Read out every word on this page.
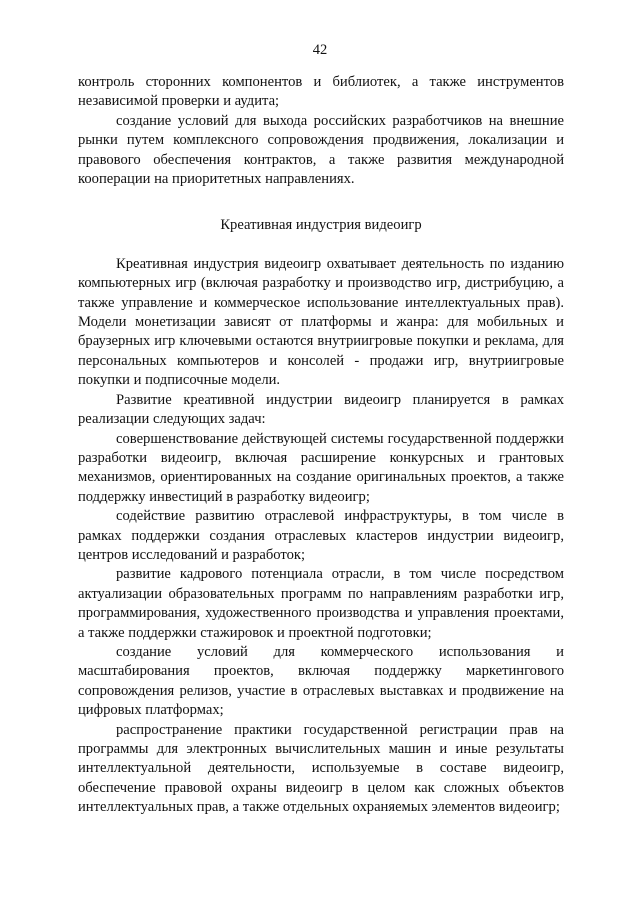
42

контроль сторонних компонентов и библиотек, а также инструментов независимой проверки и аудита;

создание условий для выхода российских разработчиков на внешние рынки путем комплексного сопровождения продвижения, локализации и правового обеспечения контрактов, а также развития международной кооперации на приоритетных направлениях.

Креативная индустрия видеоигр

Креативная индустрия видеоигр охватывает деятельность по изданию компьютерных игр (включая разработку и производство игр, дистрибуцию, а также управление и коммерческое использование интеллектуальных прав). Модели монетизации зависят от платформы и жанра: для мобильных и браузерных игр ключевыми остаются внутриигровые покупки и реклама, для персональных компьютеров и консолей - продажи игр, внутриигровые покупки и подписочные модели.

Развитие креативной индустрии видеоигр планируется в рамках реализации следующих задач:

совершенствование действующей системы государственной поддержки разработки видеоигр, включая расширение конкурсных и грантовых механизмов, ориентированных на создание оригинальных проектов, а также поддержку инвестиций в разработку видеоигр;

содействие развитию отраслевой инфраструктуры, в том числе в рамках поддержки создания отраслевых кластеров индустрии видеоигр, центров исследований и разработок;

развитие кадрового потенциала отрасли, в том числе посредством актуализации образовательных программ по направлениям разработки игр, программирования, художественного производства и управления проектами, а также поддержки стажировок и проектной подготовки;

создание условий для коммерческого использования и масштабирования проектов, включая поддержку маркетингового сопровождения релизов, участие в отраслевых выставках и продвижение на цифровых платформах;

распространение практики государственной регистрации прав на программы для электронных вычислительных машин и иные результаты интеллектуальной деятельности, используемые в составе видеоигр, обеспечение правовой охраны видеоигр в целом как сложных объектов интеллектуальных прав, а также отдельных охраняемых элементов видеоигр;
